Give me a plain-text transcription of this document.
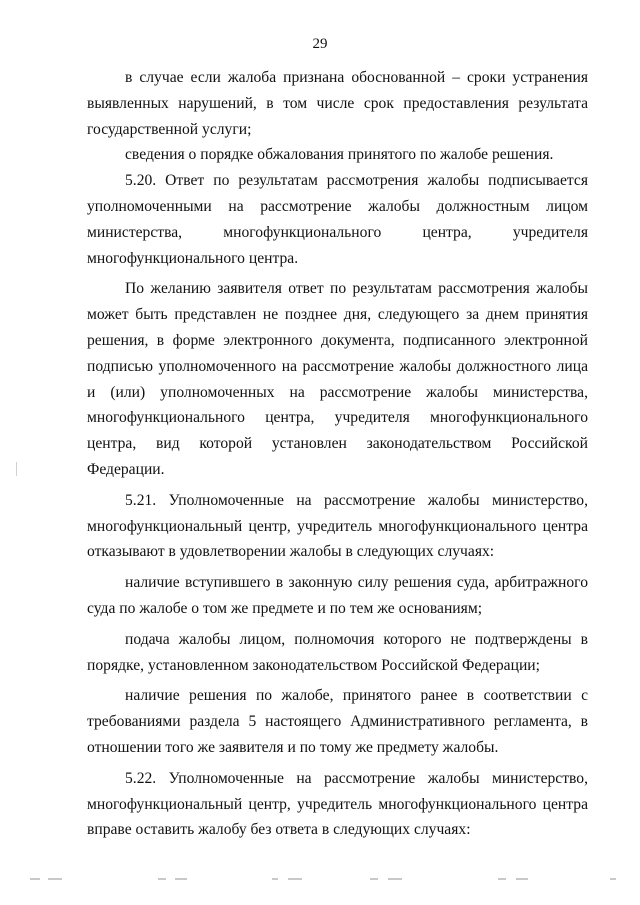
29

в случае если жалоба признана обоснованной – сроки устранения выявленных нарушений, в том числе срок предоставления результата государственной услуги;

сведения о порядке обжалования принятого по жалобе решения.

5.20. Ответ по результатам рассмотрения жалобы подписывается уполномоченными на рассмотрение жалобы должностным лицом министерства, многофункционального центра, учредителя многофункционального центра.

По желанию заявителя ответ по результатам рассмотрения жалобы может быть представлен не позднее дня, следующего за днем принятия решения, в форме электронного документа, подписанного электронной подписью уполномоченного на рассмотрение жалобы должностного лица и (или) уполномоченных на рассмотрение жалобы министерства, многофункционального центра, учредителя многофункционального центра, вид которой установлен законодательством Российской Федерации.

5.21. Уполномоченные на рассмотрение жалобы министерство, многофункциональный центр, учредитель многофункционального центра отказывают в удовлетворении жалобы в следующих случаях:

наличие вступившего в законную силу решения суда, арбитражного суда по жалобе о том же предмете и по тем же основаниям;

подача жалобы лицом, полномочия которого не подтверждены в порядке, установленном законодательством Российской Федерации;

наличие решения по жалобе, принятого ранее в соответствии с требованиями раздела 5 настоящего Административного регламента, в отношении того же заявителя и по тому же предмету жалобы.

5.22. Уполномоченные на рассмотрение жалобы министерство, многофункциональный центр, учредитель многофункционального центра вправе оставить жалобу без ответа в следующих случаях:
